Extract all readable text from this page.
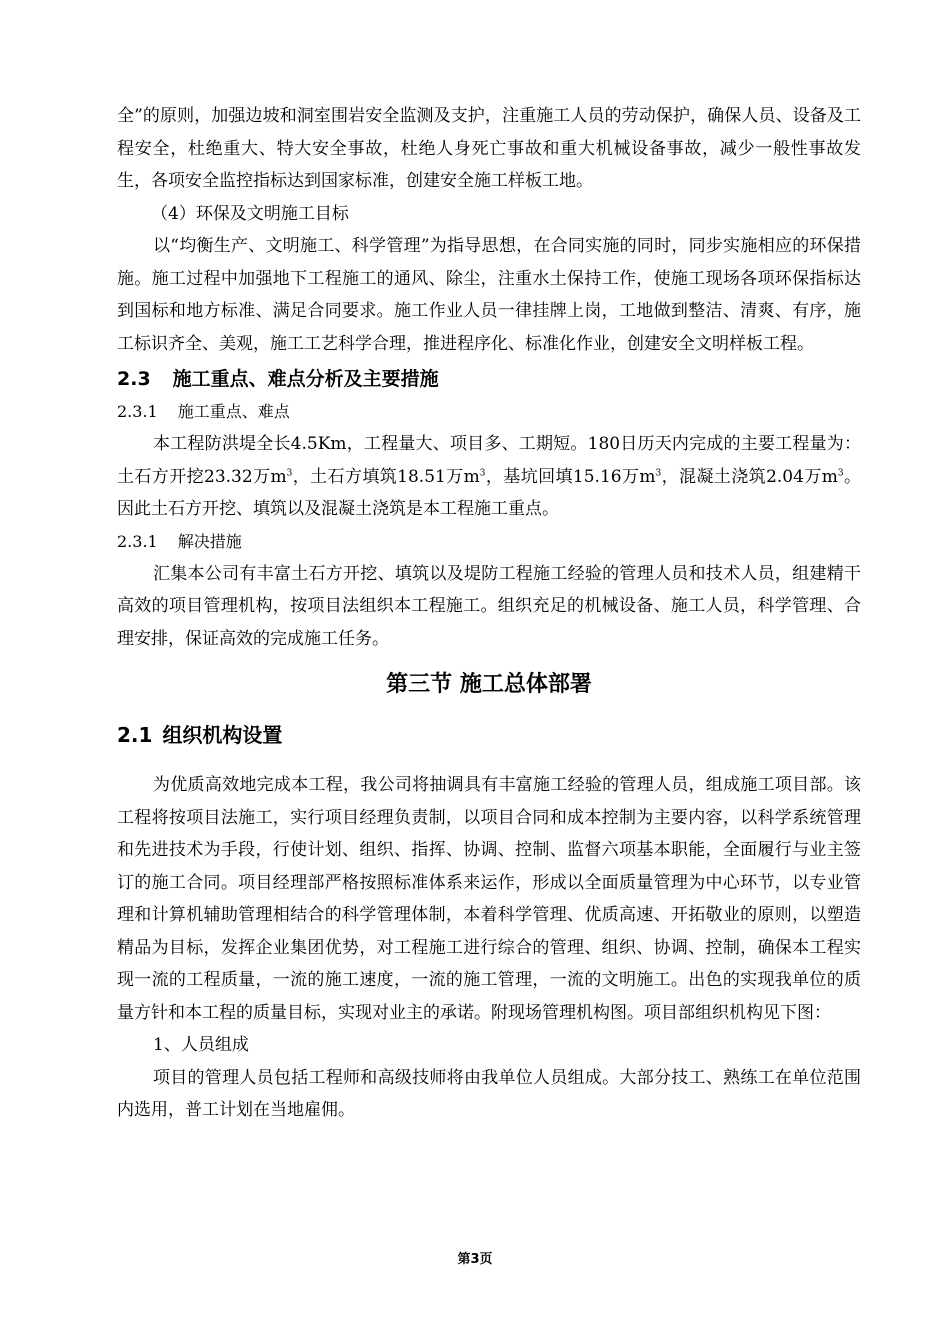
全”的原则，加强边坡和洞室围岩安全监测及支护，注重施工人员的劳动保护，确保人员、设备及工程安全，杜绝重大、特大安全事故，杜绝人身死亡事故和重大机械设备事故，减少一般性事故发生，各项安全监控指标达到国家标准，创建安全施工样板工地。

（4）环保及文明施工目标

以“均衡生产、文明施工、科学管理”为指导思想，在合同实施的同时，同步实施相应的环保措施。施工过程中加强地下工程施工的通风、除尘，注重水土保持工作，使施工现场各项环保指标达到国标和地方标准、满足合同要求。施工作业人员一律挂牌上岗，工地做到整洁、清爽、有序，施工标识齐全、美观，施工工艺科学合理，推进程序化、标准化作业，创建安全文明样板工程。

2.3 施工重点、难点分析及主要措施

2.3.1 施工重点、难点

本工程防洪堤全长4.5Km，工程量大、项目多、工期短。180日历天内完成的主要工程量为：土石方开挖23.32万$m^3$，土石方填筑18.51万$m^3$，基坑回填15.16万$m^3$，混凝土浇筑2.04万$m^3$。因此土石方开挖、填筑以及混凝土浇筑是本工程施工重点。

2.3.1 解决措施

汇集本公司有丰富土石方开挖、填筑以及堤防工程施工经验的管理人员和技术人员，组建精干高效的项目管理机构，按项目法组织本工程施工。组织充足的机械设备、施工人员，科学管理、合理安排，保证高效的完成施工任务。

第三节 施工总体部署

2.1 组织机构设置

为优质高效地完成本工程，我公司将抽调具有丰富施工经验的管理人员，组成施工项目部。该工程将按项目法施工，实行项目经理负责制，以项目合同和成本控制为主要内容，以科学系统管理和先进技术为手段，行使计划、组织、指挥、协调、控制、监督六项基本职能，全面履行与业主签订的施工合同。项目经理部严格按照标准体系来运作，形成以全面质量管理为中心环节，以专业管理和计算机辅助管理相结合的科学管理体制，本着科学管理、优质高速、开拓敬业的原则，以塑造精品为目标，发挥企业集团优势，对工程施工进行综合的管理、组织、协调、控制，确保本工程实现一流的工程质量，一流的施工速度，一流的施工管理，一流的文明施工。出色的实现我单位的质量方针和本工程的质量目标，实现对业主的承诺。附现场管理机构图。项目部组织机构见下图：

1、人员组成

项目的管理人员包括工程师和高级技师将由我单位人员组成。大部分技工、熟练工在单位范围内选用，普工计划在当地雇佣。

第3页
